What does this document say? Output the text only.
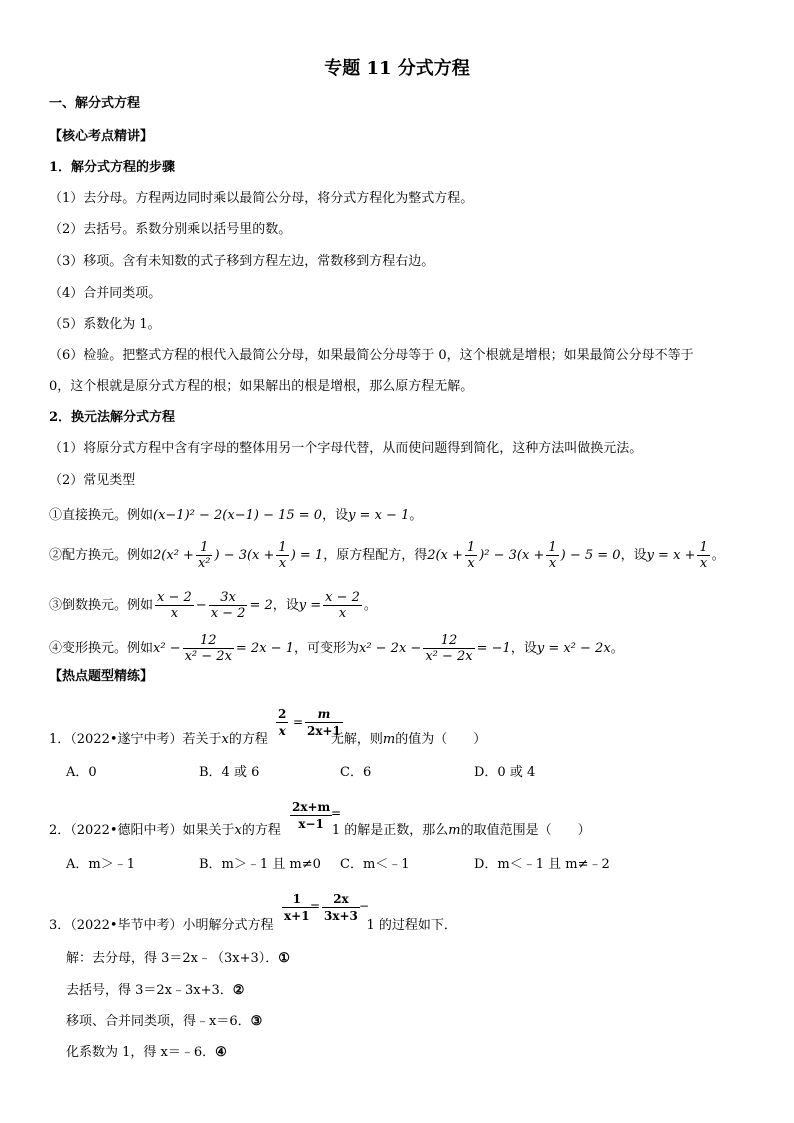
专题 11 分式方程
一、解分式方程
【核心考点精讲】
1．解分式方程的步骤
（1）去分母。方程两边同时乘以最简公分母，将分式方程化为整式方程。
（2）去括号。系数分别乘以括号里的数。
（3）移项。含有未知数的式子移到方程左边，常数移到方程右边。
（4）合并同类项。
（5）系数化为 1。
（6）检验。把整式方程的根代入最简公分母，如果最简公分母等于 0，这个根就是增根；如果最简公分母不等于
0，这个根就是原分式方程的根；如果解出的根是增根，那么原方程无解。
2．换元法解分式方程
（1）将原分式方程中含有字母的整体用另一个字母代替，从而使问题得到简化，这种方法叫做换元法。
（2）常见类型
①直接换元。例如(x−1)² − 2(x−1) − 15 = 0，设y = x − 1。
②配方换元。例如$2(x^2 + \frac{1}{\text{x²}}$ ) − $3(x + \frac{1}{x}$ ) = 1，原方程配方，得$2(x + \frac{1}{x} )^2 - 3(x + \frac{1}{x}$ ) − 5 = 0，设$y = x + \frac{1}{x}$ 。
③倒数换元。例如 $\frac{x - 2}{x} - \frac{3x}{x - 2} = 2$，设$y = \frac{x - 2}{x}$ 。
④变形换元。例如$x^2 - \frac{12}{\text{x² − 2x}} = 2x - 1$，可变形为$x^2 - 2x - \frac{12}{\text{x² − 2x}} = -1$，设y = x² − 2x。
【热点题型精练】
$\frac{2}{x} = \frac{m}{2x+1}$
1．（2022•遂宁中考）若关于x的方程	无解，则m的值为（　　）
A．0	B．4 或 6	C．6	D．0 或 4
$\frac{2x+m}{x-1}$
=
2．（2022•德阳中考）如果关于x的方程	1 的解是正数，那么m的取值范围是（　　）
A．m＞﹣1	B．m＞﹣1 且 m≠0 C．m＜﹣1	D．m＜﹣1 且 m≠﹣2
$\frac{1}{x+1}$
= $\frac{2x}{3x+3}$ −
3．（2022•毕节中考）小明解分式方程	1 的过程如下．
解：去分母，得 3＝2x﹣（3x+3）．①
去括号，得 3＝2x﹣3x+3．②
移项、合并同类项，得﹣x＝6．③
化系数为 1，得 x＝﹣6．④
